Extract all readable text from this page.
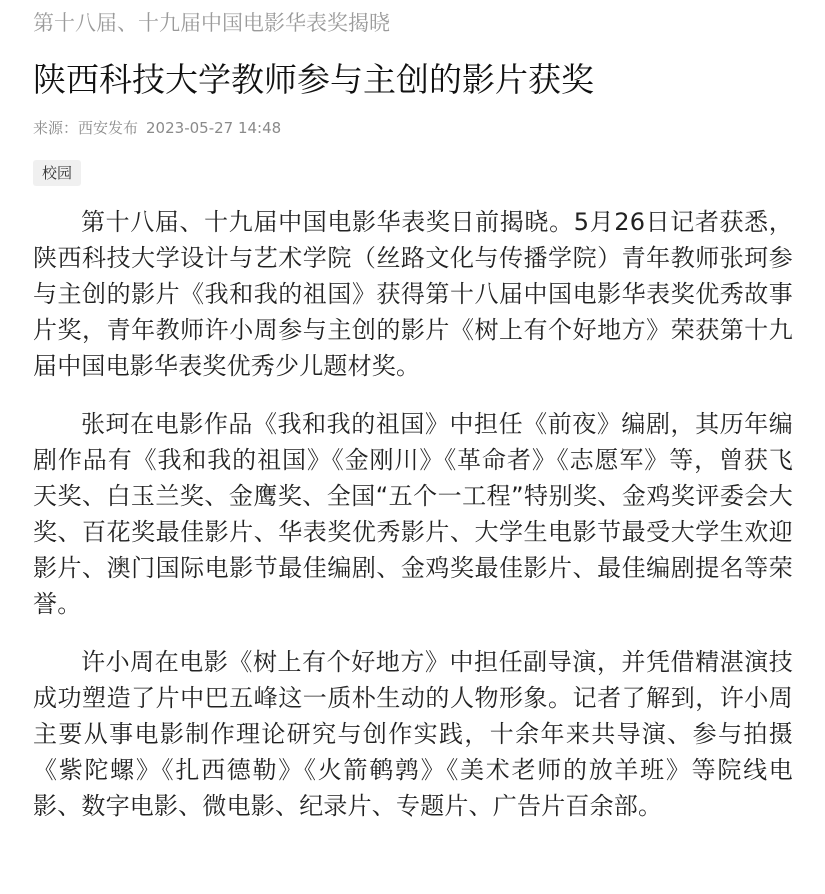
第十八届、十九届中国电影华表奖揭晓
陕西科技大学教师参与主创的影片获奖
来源：西安发布 2023-05-27 14:48
校园

第十八届、十九届中国电影华表奖日前揭晓。5月26日记者获悉，陕西科技大学设计与艺术学院（丝路文化与传播学院）青年教师张珂参与主创的影片《我和我的祖国》获得第十八届中国电影华表奖优秀故事片奖，青年教师许小周参与主创的影片《树上有个好地方》荣获第十九届中国电影华表奖优秀少儿题材奖。

张珂在电影作品《我和我的祖国》中担任《前夜》编剧，其历年编剧作品有《我和我的祖国》《金刚川》《革命者》《志愿军》等，曾获飞天奖、白玉兰奖、金鹰奖、全国“五个一工程”特别奖、金鸡奖评委会大奖、百花奖最佳影片、华表奖优秀影片、大学生电影节最受大学生欢迎影片、澳门国际电影节最佳编剧、金鸡奖最佳影片、最佳编剧提名等荣誉。

许小周在电影《树上有个好地方》中担任副导演，并凭借精湛演技成功塑造了片中巴五峰这一质朴生动的人物形象。记者了解到，许小周主要从事电影制作理论研究与创作实践，十余年来共导演、参与拍摄《紫陀螺》《扎西德勒》《火箭鹌鹑》《美术老师的放羊班》等院线电影、数字电影、微电影、纪录片、专题片、广告片百余部。
